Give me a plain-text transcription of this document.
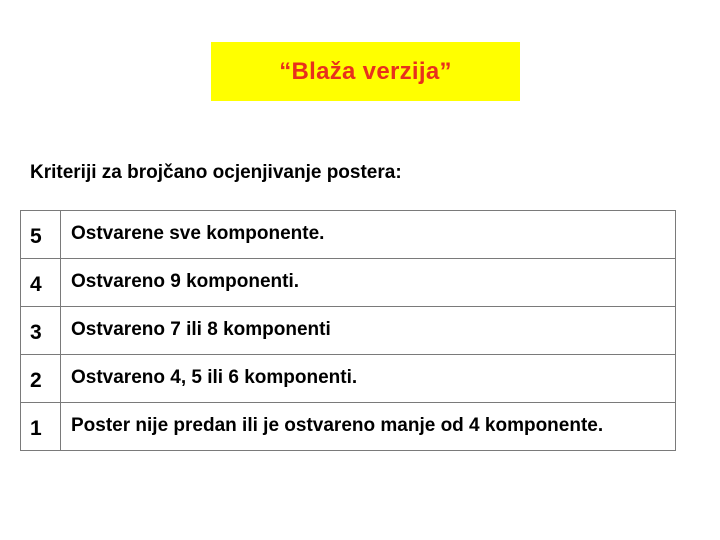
“Blaža verzija”
Kriteriji za brojčano ocjenjivanje postera:
5	Ostvarene sve komponente.
4	Ostvareno 9 komponenti.
3	Ostvareno 7 ili 8 komponenti
2	Ostvareno 4, 5 ili 6 komponenti.
1	Poster nije predan ili je ostvareno manje od 4 komponente.
